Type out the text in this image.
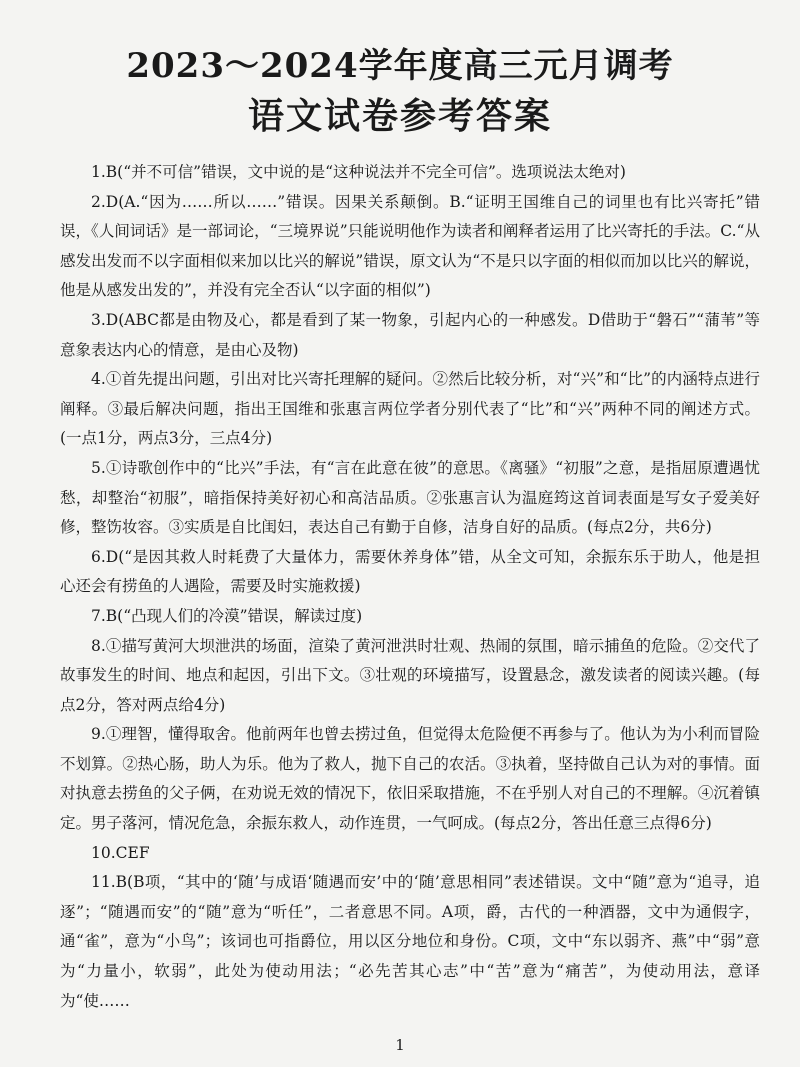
2023～2024学年度高三元月调考
语文试卷参考答案

1.B(“并不可信”错误，文中说的是“这种说法并不完全可信”。选项说法太绝对)

2.D(A.“因为……所以……”错误。因果关系颠倒。B.“证明王国维自己的词里也有比兴寄托”错误，《人间词话》是一部词论，“三境界说”只能说明他作为读者和阐释者运用了比兴寄托的手法。C.“从感发出发而不以字面相似来加以比兴的解说”错误，原文认为“不是只以字面的相似而加以比兴的解说，他是从感发出发的”，并没有完全否认“以字面的相似”)

3.D(ABC都是由物及心，都是看到了某一物象，引起内心的一种感发。D借助于“磐石”“蒲苇”等意象表达内心的情意，是由心及物)

4.①首先提出问题，引出对比兴寄托理解的疑问。②然后比较分析，对“兴”和“比”的内涵特点进行阐释。③最后解决问题，指出王国维和张惠言两位学者分别代表了“比”和“兴”两种不同的阐述方式。(一点1分，两点3分，三点4分)

5.①诗歌创作中的“比兴”手法，有“言在此意在彼”的意思。《离骚》“初服”之意，是指屈原遭遇忧愁，却整治“初服”，暗指保持美好初心和高洁品质。②张惠言认为温庭筠这首词表面是写女子爱美好修，整饬妆容。③实质是自比闺妇，表达自己有勤于自修，洁身自好的品质。(每点2分，共6分)

6.D(“是因其救人时耗费了大量体力，需要休养身体”错，从全文可知，余振东乐于助人，他是担心还会有捞鱼的人遇险，需要及时实施救援)

7.B(“凸现人们的冷漠”错误，解读过度)

8.①描写黄河大坝泄洪的场面，渲染了黄河泄洪时壮观、热闹的氛围，暗示捕鱼的危险。②交代了故事发生的时间、地点和起因，引出下文。③壮观的环境描写，设置悬念，激发读者的阅读兴趣。(每点2分，答对两点给4分)

9.①理智，懂得取舍。他前两年也曾去捞过鱼，但觉得太危险便不再参与了。他认为为小利而冒险不划算。②热心肠，助人为乐。他为了救人，抛下自己的农活。③执着，坚持做自己认为对的事情。面对执意去捞鱼的父子俩，在劝说无效的情况下，依旧采取措施，不在乎别人对自己的不理解。④沉着镇定。男子落河，情况危急，余振东救人，动作连贯，一气呵成。(每点2分，答出任意三点得6分)

10.CEF

11.B(B项，“其中的‘随’与成语‘随遇而安’中的‘随’意思相同”表述错误。文中“随”意为“追寻，追逐”；“随遇而安”的“随”意为“听任”，二者意思不同。A项，爵，古代的一种酒器，文中为通假字，通“雀”，意为“小鸟”；该词也可指爵位，用以区分地位和身份。C项，文中“东以弱齐、燕”中“弱”意为“力量小，软弱”，此处为使动用法；“必先苦其心志”中“苦”意为“痛苦”，为使动用法，意译为“使……

1
